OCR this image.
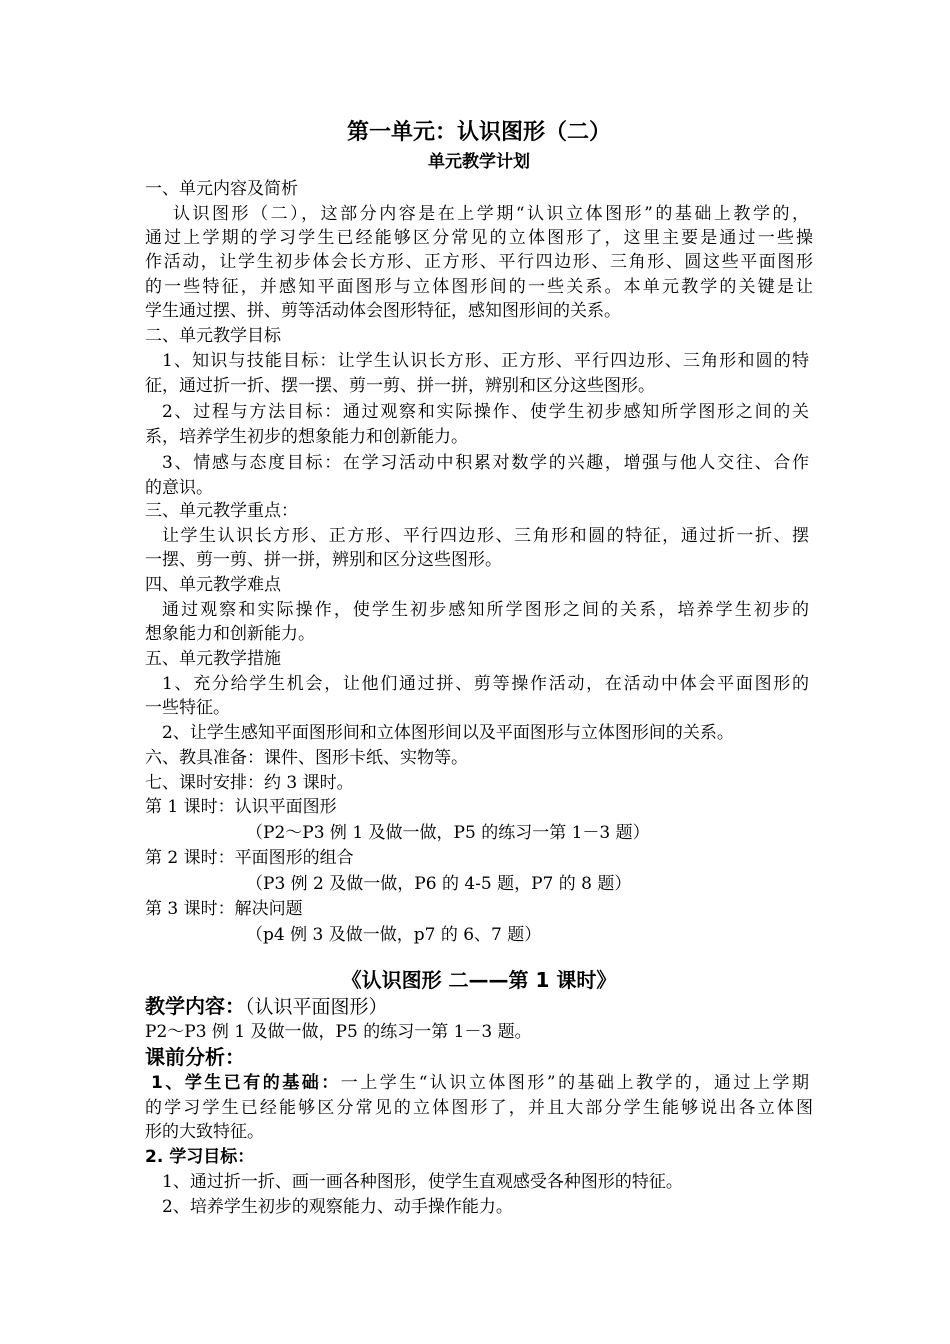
第一单元：认识图形（二）
单元教学计划
一、单元内容及简析
认识图形（二），这部分内容是在上学期“认识立体图形”的基础上教学的，
通过上学期的学习学生已经能够区分常见的立体图形了，这里主要是通过一些操
作活动，让学生初步体会长方形、正方形、平行四边形、三角形、圆这些平面图形
的一些特征，并感知平面图形与立体图形间的一些关系。本单元教学的关键是让
学生通过摆、拼、剪等活动体会图形特征，感知图形间的关系。
二、单元教学目标
1、知识与技能目标：让学生认识长方形、正方形、平行四边形、三角形和圆的特
征，通过折一折、摆一摆、剪一剪、拼一拼，辨别和区分这些图形。
2、过程与方法目标：通过观察和实际操作、使学生初步感知所学图形之间的关
系，培养学生初步的想象能力和创新能力。
3、情感与态度目标：在学习活动中积累对数学的兴趣，增强与他人交往、合作
的意识。
三、单元教学重点：
让学生认识长方形、正方形、平行四边形、三角形和圆的特征，通过折一折、摆
一摆、剪一剪、拼一拼，辨别和区分这些图形。
四、单元教学难点
通过观察和实际操作，使学生初步感知所学图形之间的关系，培养学生初步的
想象能力和创新能力。
五、单元教学措施
1、充分给学生机会，让他们通过拼、剪等操作活动，在活动中体会平面图形的
一些特征。
2、让学生感知平面图形间和立体图形间以及平面图形与立体图形间的关系。
六、教具准备：课件、图形卡纸、实物等。
七、课时安排：约 3 课时。
第 1 课时：认识平面图形
（P2～P3 例 1 及做一做，P5 的练习一第 1－3 题）
第 2 课时：平面图形的组合
（P3 例 2 及做一做，P6 的 4-5 题，P7 的 8 题）
第 3 课时：解决问题
（p4 例 3 及做一做，p7 的 6、7 题）
《认识图形 二——第 1 课时》
教学内容：（认识平面图形）
P2～P3 例 1 及做一做，P5 的练习一第 1－3 题。
课前分析：
1、学生已有的基础：一上学生“认识立体图形”的基础上教学的，通过上学期
的学习学生已经能够区分常见的立体图形了，并且大部分学生能够说出各立体图
形的大致特征。
2. 学习目标：
1、通过折一折、画一画各种图形，使学生直观感受各种图形的特征。
2、培养学生初步的观察能力、动手操作能力。
